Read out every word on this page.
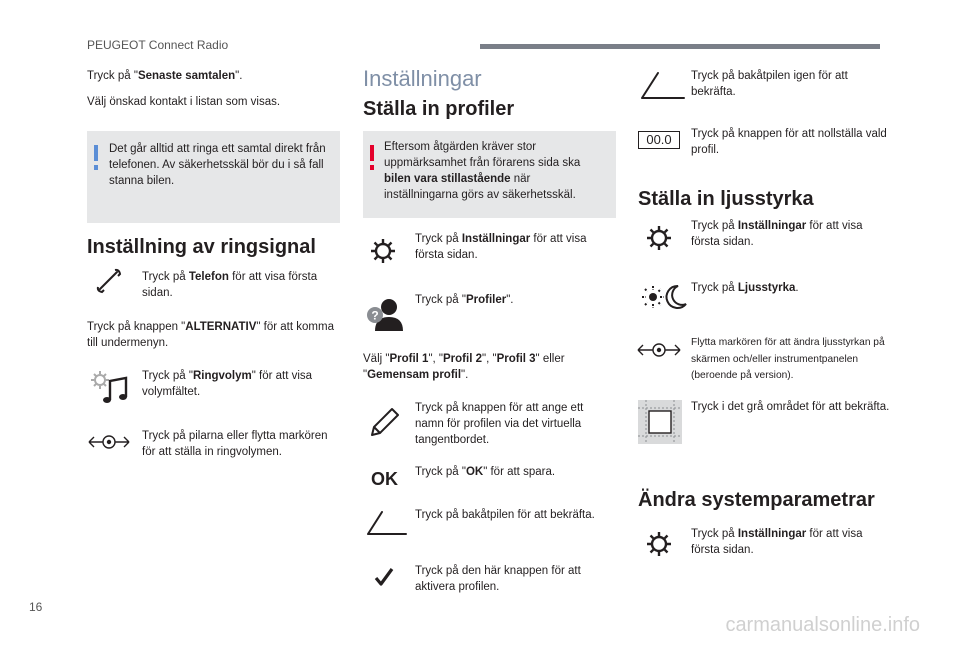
PEUGEOT Connect Radio
16
Tryck på "Senaste samtalen".
Välj önskad kontakt i listan som visas.
Det går alltid att ringa ett samtal direkt från telefonen. Av säkerhetsskäl bör du i så fall stanna bilen.
Inställning av ringsignal
Tryck på Telefon för att visa första sidan.
Tryck på knappen "ALTERNATIV" för att komma till undermenyn.
Tryck på "Ringvolym" för att visa volymfältet.
Tryck på pilarna eller flytta markören för att ställa in ringvolymen.
Inställningar
Ställa in profiler
Eftersom åtgärden kräver stor uppmärksamhet från förarens sida ska bilen vara stillastående när inställningarna görs av säkerhetsskäl.
Tryck på Inställningar för att visa första sidan.
?
Tryck på "Profiler".
Välj "Profil 1", "Profil 2", "Profil 3" eller "Gemensam profil".
Tryck på knappen för att ange ett namn för profilen via det virtuella tangentbordet.
OK Tryck på "OK" för att spara.
Tryck på bakåtpilen för att bekräfta.
Tryck på den här knappen för att aktivera profilen.
Tryck på bakåtpilen igen för att bekräfta.
00.0	Tryck på knappen för att nollställa vald profil.
Ställa in ljusstyrka
Tryck på Inställningar för att visa första sidan.
Tryck på Ljusstyrka.
Flytta markören för att ändra ljusstyrkan på skärmen och/eller instrumentpanelen (beroende på version).
Tryck i det grå området för att bekräfta.
Ändra systemparametrar
Tryck på Inställningar för att visa första sidan.
carmanualsonline.info
